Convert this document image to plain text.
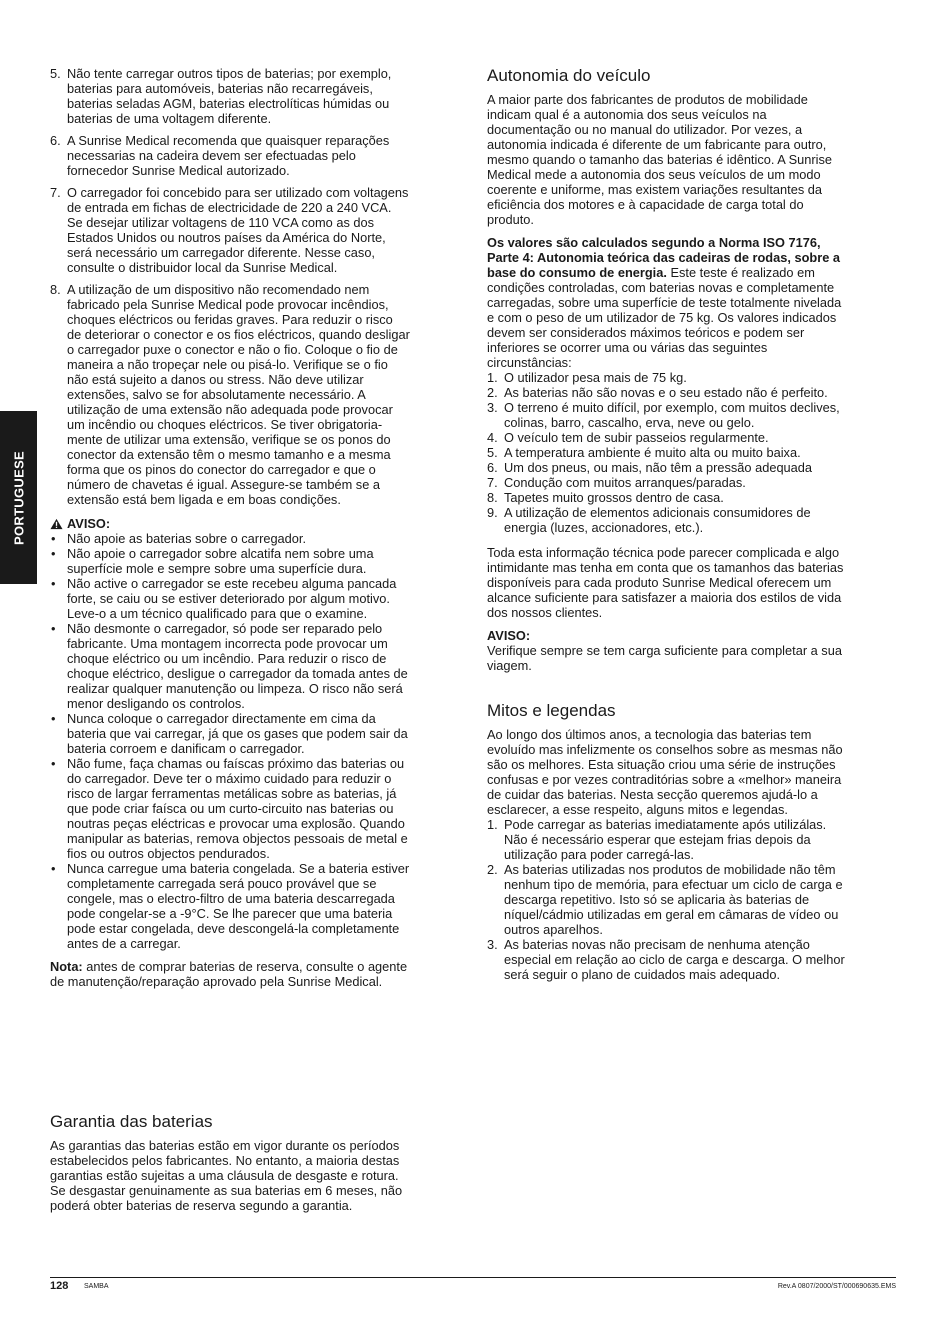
PORTUGUESE
5. Não tente carregar outros tipos de baterias; por exemplo, baterias para automóveis, baterias não recarregáveis, baterias seladas AGM, baterias electrolíticas húmidas ou baterias de uma voltagem diferente.
6. A Sunrise Medical recomenda que quaisquer reparações necessarias na cadeira devem ser efectuadas pelo fornecedor Sunrise Medical autorizado.
7. O carregador foi concebido para ser utilizado com voltagens de entrada em fichas de electricidade de 220 a 240 VCA. Se desejar utilizar voltagens de 110 VCA como as dos Estados Unidos ou noutros países da América do Norte, será necessário um carregador diferente. Nesse caso, consulte o distribuidor local da Sunrise Medical.
8. A utilização de um dispositivo não recomendado nem fabricado pela Sunrise Medical pode provocar incêndios, choques eléctricos ou feridas graves. Para reduzir o risco de deteriorar o conector e os fios eléctricos, quando desligar o carregador puxe o conector e não o fio. Coloque o fio de maneira a não tropeçar nele ou pisá-lo. Verifique se o fio não está sujeito a danos ou stress. Não deve utilizar extensões, salvo se for absolutamente necessário. A utilização de uma extensão não adequada pode provocar um incêndio ou choques eléctricos. Se tiver obrigatoriamente de utilizar uma extensão, verifique se os ponos do conector da extensão têm o mesmo tamanho e a mesma forma que os pinos do conector do carregador e que o número de chavetas é igual. Assegure-se também se a extensão está bem ligada e em boas condições.
AVISO:
• Não apoie as baterias sobre o carregador.
• Não apoie o carregador sobre alcatifa nem sobre uma superfície mole e sempre sobre uma superfície dura.
• Não active o carregador se este recebeu alguma pancada forte, se caiu ou se estiver deteriorado por algum motivo. Leve-o a um técnico qualificado para que o examine.
• Não desmonte o carregador, só pode ser reparado pelo fabricante. Uma montagem incorrecta pode provocar um choque eléctrico ou um incêndio. Para reduzir o risco de choque eléctrico, desligue o carregador da tomada antes de realizar qualquer manutenção ou limpeza. O risco não será menor desligando os controlos.
• Nunca coloque o carregador directamente em cima da bateria que vai carregar, já que os gases que podem sair da bateria corroem e danificam o carregador.
• Não fume, faça chamas ou faíscas próximo das baterias ou do carregador. Deve ter o máximo cuidado para reduzir o risco de largar ferramentas metálicas sobre as baterias, já que pode criar faísca ou um curto-circuito nas baterias ou noutras peças eléctricas e provocar uma explosão. Quando manipular as baterias, remova objectos pessoais de metal e fios ou outros objectos pendurados.
• Nunca carregue uma bateria congelada. Se a bateria estiver completamente carregada será pouco provável que se congele, mas o electro-filtro de uma bateria descarregada pode congelar-se a -9°C. Se lhe parecer que uma bateria pode estar congelada, deve descongelá-la completamente antes de a carregar.

Nota: antes de comprar baterias de reserva, consulte o agente de manutenção/reparação aprovado pela Sunrise Medical.

Garantia das baterias

As garantias das baterias estão em vigor durante os períodos estabelecidos pelos fabricantes. No entanto, a maioria destas garantias estão sujeitas a uma cláusula de desgaste e rotura. Se desgastar genuinamente as sua baterias em 6 meses, não poderá obter baterias de reserva segundo a garantia.

Autonomia do veículo

A maior parte dos fabricantes de produtos de mobilidade indicam qual é a autonomia dos seus veículos na documentação ou no manual do utilizador. Por vezes, a autonomia indicada é diferente de um fabricante para outro, mesmo quando o tamanho das baterias é idêntico. A Sunrise Medical mede a autonomia dos seus veículos de um modo coerente e uniforme, mas existem variações resultantes da eficiência dos motores e à capacidade de carga total do produto.

Os valores são calculados segundo a Norma ISO 7176, Parte 4: Autonomia teórica das cadeiras de rodas, sobre a base do consumo de energia. Este teste é realizado em condições controladas, com baterias novas e completamente carregadas, sobre uma superfície de teste totalmente nivelada e com o peso de um utilizador de 75 kg. Os valores indicados devem ser considerados máximos teóricos e podem ser inferiores se ocorrer uma ou várias das seguintes circunstâncias:

1. O utilizador pesa mais de 75 kg.
2. As baterias não são novas e o seu estado não é perfeito.
3. O terreno é muito difícil, por exemplo, com muitos declives, colinas, barro, cascalho, erva, neve ou gelo.
4. O veículo tem de subir passeios regularmente.
5. A temperatura ambiente é muito alta ou muito baixa.
6. Um dos pneus, ou mais, não têm a pressão adequada
7. Condução com muitos arranques/paradas.
8. Tapetes muito grossos dentro de casa.
9. A utilização de elementos adicionais consumidores de energia (luzes, accionadores, etc.).

Toda esta informação técnica pode parecer complicada e algo intimidante mas tenha em conta que os tamanhos das baterias disponíveis para cada produto Sunrise Medical oferecem um alcance suficiente para satisfazer a maioria dos estilos de vida dos nossos clientes.

AVISO:

Verifique sempre se tem carga suficiente para completar a sua viagem.

Mitos e legendas

Ao longo dos últimos anos, a tecnologia das baterias tem evoluído mas infelizmente os conselhos sobre as mesmas não são os melhores. Esta situação criou uma série de instruções confusas e por vezes contraditórias sobre a «melhor» maneira de cuidar das baterias. Nesta secção queremos ajudá-lo a esclarecer, a esse respeito, alguns mitos e legendas.

1. Pode carregar as baterias imediatamente após utilizálas. Não é necessário esperar que estejam frias depois da utilização para poder carregá-las.
2. As baterias utilizadas nos produtos de mobilidade não têm nenhum tipo de memória, para efectuar um ciclo de carga e descarga repetitivo. Isto só se aplicaria às baterias de níquel/cádmio utilizadas em geral em câmaras de vídeo ou outros aparelhos.
3. As baterias novas não precisam de nenhuma atenção especial em relação ao ciclo de carga e descarga. O melhor será seguir o plano de cuidados mais adequado.
128 SAMBA	Rev.A 0807/2000/ST/000690635.EMS
